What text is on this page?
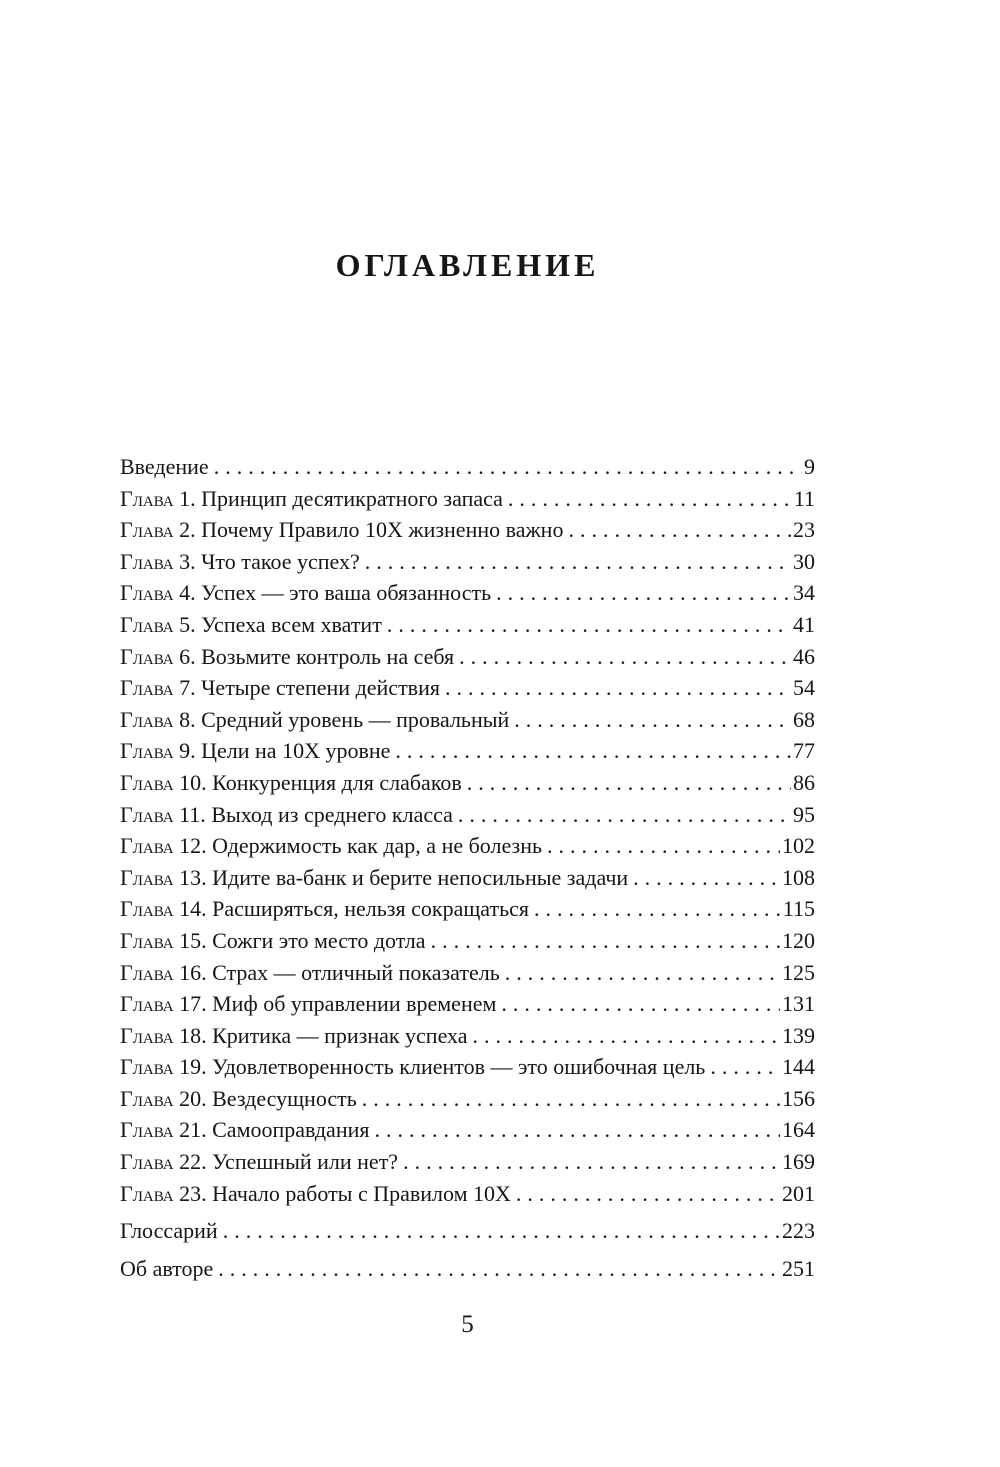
ОГЛАВЛЕНИЕ
Введение .....	9
Глава 1. Принцип десятикратного запаса .....	11
Глава 2. Почему Правило 10X жизненно важно .....	23
Глава 3. Что такое успех? .....	30
Глава 4. Успех — это ваша обязанность .....	34
Глава 5. Успеха всем хватит .....	41
Глава 6. Возьмите контроль на себя .....	46
Глава 7. Четыре степени действия .....	54
Глава 8. Средний уровень — провальный .....	68
Глава 9. Цели на 10X уровне .....	77
Глава 10. Конкуренция для слабаков .....	86
Глава 11. Выход из среднего класса .....	95
Глава 12. Одержимость как дар, а не болезнь .....	102
Глава 13. Идите ва-банк и берите непосильные задачи .....	108
Глава 14. Расширяться, нельзя сокращаться .....	115
Глава 15. Сожги это место дотла .....	120
Глава 16. Страх — отличный показатель .....	125
Глава 17. Миф об управлении временем .....	131
Глава 18. Критика — признак успеха .....	139
Глава 19. Удовлетворенность клиентов — это ошибочная цель .....	144
Глава 20. Вездесущность .....	156
Глава 21. Самооправдания .....	164
Глава 22. Успешный или нет? .....	169
Глава 23. Начало работы с Правилом 10X .....	201
Глоссарий .....	223
Об авторе .....	251
5
